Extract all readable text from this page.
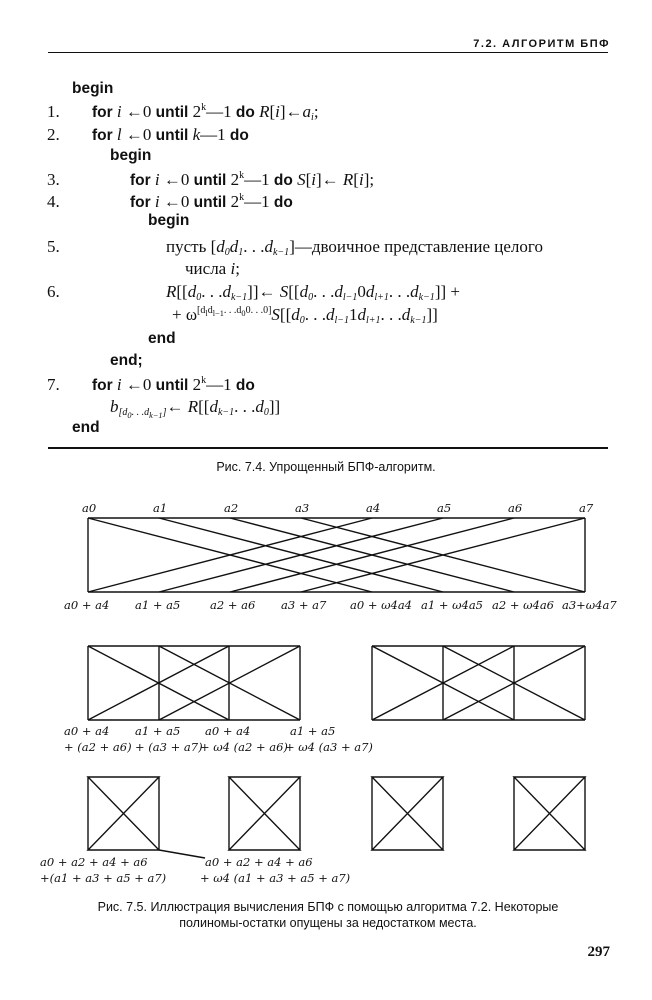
7.2. АЛГОРИТМ БПФ
begin
1. for i ←0 until 2$^k$—1 do $R[i]\leftarrow a_i$;
2. for l ←0 until k—1 do
begin
3.	for i ←0 until 2$^k$—1 do S[i]← R[i];
4.	for i ←0 until 2$^k$—1 do
begin
5.	пусть [$d_0d_1$. . $.d_{k-1}]—двоичное$ представление целого
числа i;
6.	$R[[d_0$. . $.d_{k-1}]]\leftarrow$ $S[[d_0$. . $.d_{l-1}0d_{l+1}$. . $.d_{k-1}$]] +
+ $\omega[dldl-1. . .d00. . .0]S[[d_0$. . $.d_{l-1}1d_{l+1}$. . $.d_{k-1}$]]
end
end;
7. for i ←0 until 2$^k$—1 do
$b_{[d_0. . .d_{k-1}]}\leftarrow$ $R[[d_{k-1}$. . $.d_0$]]
end
Рис. 7.4. Упрощенный БПФ-алгоритм.
a0	a1	a2	a3	a4	a5	a6	a7
a0 + a4 a1 + a5	a2 + a6 a3 + a7 a0 + ω4a4 a1 + ω4a5 a2 + ω4a6 a3+ω4a7
a0 + a4 a1 + a5 a0 + a4	a1 + a5
+ (a2 + a6) + (a3 + a7)
+ ω4 (a2 + a6)
+ ω4 (a3 + a7)
a0 + a2 + a4 + a6	a0 + a2 + a4 + a6
+(a1 + a3 + a5 + a7)	+ ω4 (a1 + a3 + a5 + a7)
Рис. 7.5. Иллюстрация вычисления БПФ с помощью алгоритма 7.2. Некоторые
полиномы-остатки опущены за недостатком места.
297
